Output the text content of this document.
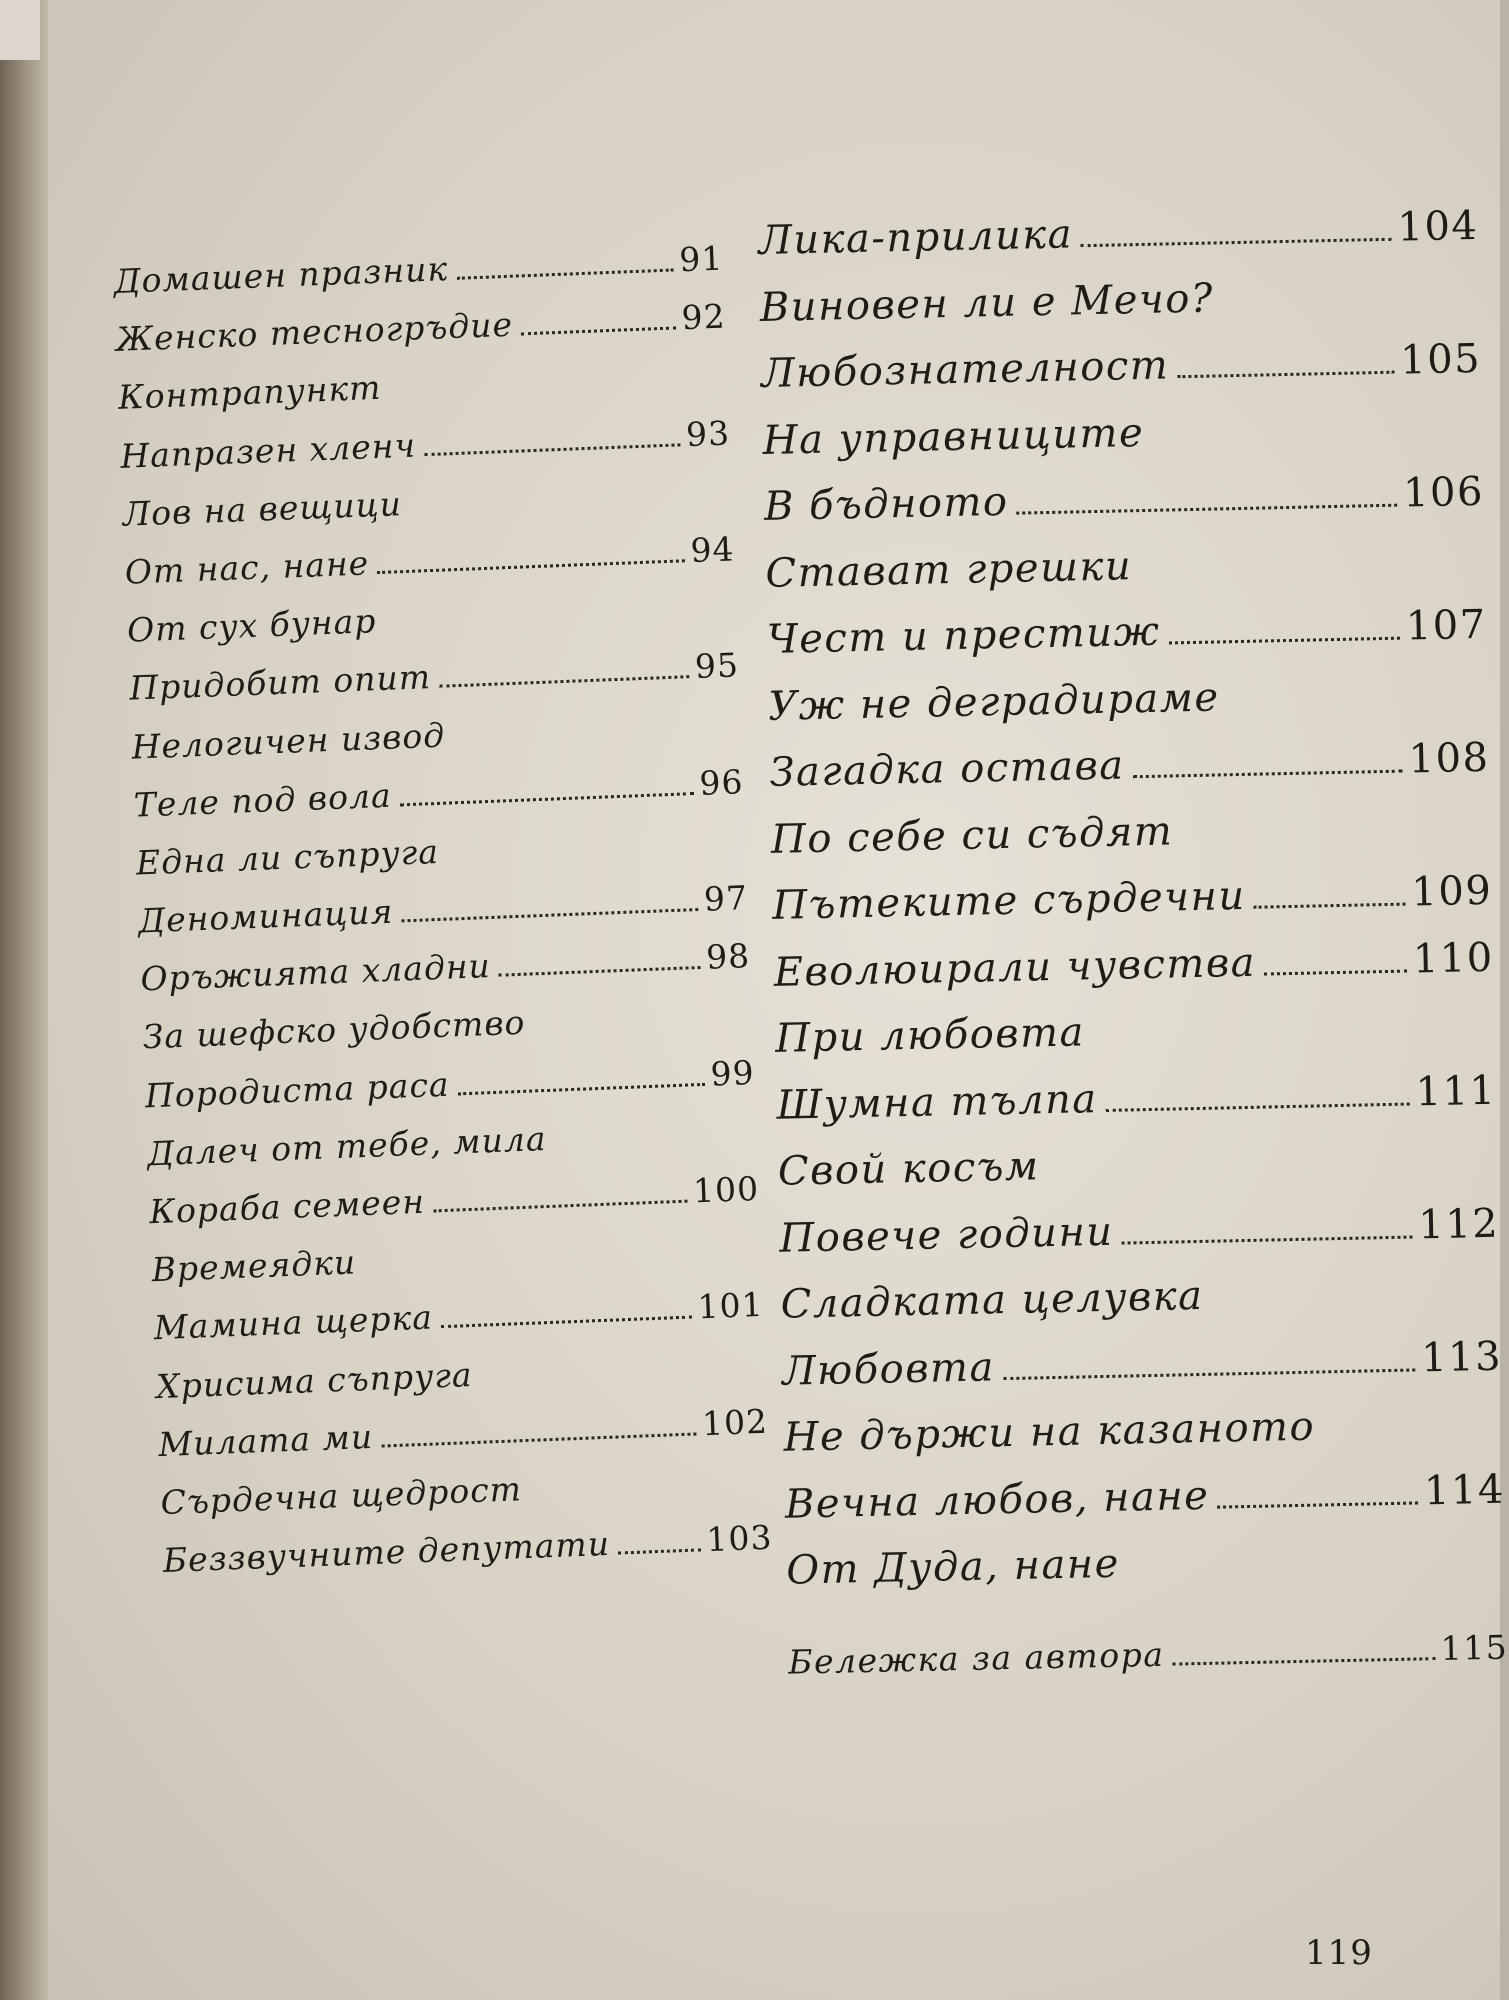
Домашен празник	91
Женско тесногръдие	92
Контрапункт
Напразен хленч	93
Лов на вещици
От нас, нане	94
От сух бунар
Придобит опит	95
Нелогичен извод
Теле под вола	96
Една ли съпруга
Деноминация	97
Оръжията хладни	98
За шефско удобство
Породиста раса	99
Далеч от тебе, мила
Кораба семеен	100
Времеядки
Мамина щерка	101
Хрисима съпруга
Милата ми	102
Сърдечна щедрост
Беззвучните депутати	103
Лика-прилика	104
Виновен ли е Мечо?
Любознателност	105
На управниците
В бъдното	106
Стават грешки
Чест и престиж	107
Уж не деградираме
Загадка остава	108
По себе си съдят
Пътеките сърдечни	109
Еволюирали чувства	110
При любовта
Шумна тълпа	111
Свой косъм
Повече години	112
Сладката целувка
Любовта	113
Не държи на казаното
Вечна любов, нане	114
От Дуда, нане
Бележка за автора	115
119
